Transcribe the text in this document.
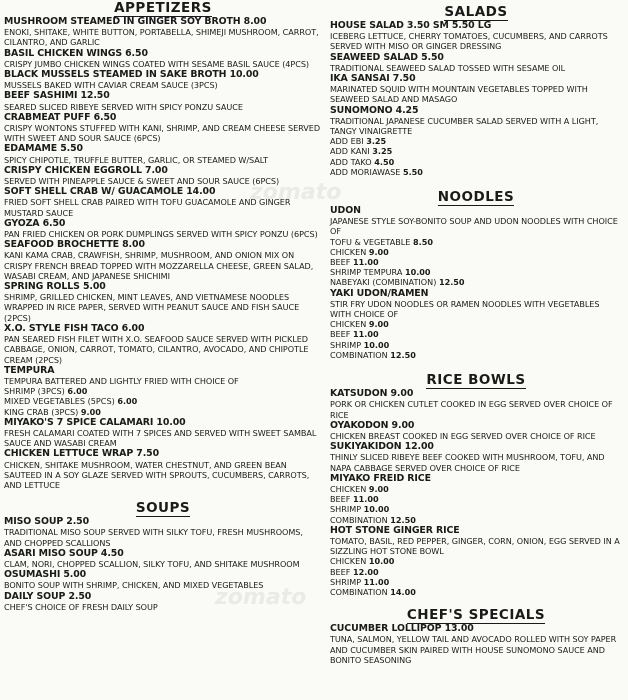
APPETIZERS
MUSHROOM STEAMED IN GINGER SOY BROTH 8.00
ENOKI, SHITAKE, WHITE BUTTON, PORTABELLA, SHIMEJI MUSHROOM, CARROT, CILANTRO, AND GARLIC
BASIL CHICKEN WINGS 6.50
CRISPY JUMBO CHICKEN WINGS COATED WITH SESAME BASIL SAUCE (4PCS)
BLACK MUSSELS STEAMED IN SAKE BROTH 10.00
MUSSELS BAKED WITH CAVIAR CREAM SAUCE (3PCS)
BEEF SASHIMI 12.50
SEARED SLICED RIBEYE SERVED WITH SPICY PONZU SAUCE
CRABMEAT PUFF 6.50
CRISPY WONTONS STUFFED WITH KANI, SHRIMP, AND CREAM CHEESE SERVED WITH SWEET AND SOUR SAUCE (6PCS)
EDAMAME 5.50
SPICY CHIPOTLE, TRUFFLE BUTTER, GARLIC, OR STEAMED W/SALT
CRISPY CHICKEN EGGROLL 7.00
SERVED WITH PINEAPPLE SAUCE & SWEET AND SOUR SAUCE (6PCS)
SOFT SHELL CRAB W/ GUACAMOLE 14.00
FRIED SOFT SHELL CRAB PAIRED WITH TOFU GUACAMOLE AND GINGER MUSTARD SAUCE
GYOZA 6.50
PAN FRIED CHICKEN OR PORK DUMPLINGS SERVED WITH SPICY PONZU (6PCS)
SEAFOOD BROCHETTE 8.00
KANI KAMA CRAB, CRAWFISH, SHRIMP, MUSHROOM, AND ONION MIX ON CRISPY FRENCH BREAD TOPPED WITH MOZZARELLA CHEESE, GREEN SALAD, WASABI CREAM, AND JAPANESE SHICHIMI
SPRING ROLLS 5.00
SHRIMP, GRILLED CHICKEN, MINT LEAVES, AND VIETNAMESE NOODLES WRAPPED IN RICE PAPER, SERVED WITH PEANUT SAUCE AND FISH SAUCE (2PCS)
X.O. STYLE FISH TACO 6.00
PAN SEARED FISH FILET WITH X.O. SEAFOOD SAUCE SERVED WITH PICKLED CABBAGE, ONION, CARROT, TOMATO, CILANTRO, AVOCADO, AND CHIPOTLE CREAM (2PCS)
TEMPURA
TEMPURA BATTERED AND LIGHTLY FRIED WITH CHOICE OF
SHRIMP (3PCS) 6.00
MIXED VEGETABLES (5PCS) 6.00
KING CRAB (3PCS) 9.00
MIYAKO'S 7 SPICE CALAMARI 10.00
FRESH CALAMARI COATED WITH 7 SPICES AND SERVED WITH SWEET SAMBAL SAUCE AND WASABI CREAM
CHICKEN LETTUCE WRAP 7.50
CHICKEN, SHITAKE MUSHROOM, WATER CHESTNUT, AND GREEN BEAN SAUTEED IN A SOY GLAZE SERVED WITH SPROUTS, CUCUMBERS, CARROTS, AND LETTUCE
SOUPS
MISO SOUP 2.50
TRADITIONAL MISO SOUP SERVED WITH SILKY TOFU, FRESH MUSHROOMS, AND CHOPPED SCALLIONS
ASARI MISO SOUP 4.50
CLAM, NORI, CHOPPED SCALLION, SILKY TOFU, AND SHITAKE MUSHROOM
OSUMASHI 5.00
BONITO SOUP WITH SHRIMP, CHICKEN, AND MIXED VEGETABLES
DAILY SOUP 2.50
CHEF'S CHOICE OF FRESH DAILY SOUP
SALADS
HOUSE SALAD 3.50 SM 5.50 LG
ICEBERG LETTUCE, CHERRY TOMATOES, CUCUMBERS, AND CARROTS SERVED WITH MISO OR GINGER DRESSING
SEAWEED SALAD 5.50
TRADITIONAL SEAWEED SALAD TOSSED WITH SESAME OIL
IKA SANSAI 7.50
MARINATED SQUID WITH MOUNTAIN VEGETABLES TOPPED WITH SEAWEED SALAD AND MASAGO
SUNOMONO 4.25
TRADITIONAL JAPANESE CUCUMBER SALAD SERVED WITH A LIGHT, TANGY VINAIGRETTE
ADD EBI 3.25
ADD KANI 3.25
ADD TAKO 4.50
ADD MORIAWASE 5.50
NOODLES
UDON
JAPANESE STYLE SOY-BONITO SOUP AND UDON NOODLES WITH CHOICE OF
TOFU & VEGETABLE 8.50
CHICKEN 9.00
BEEF 11.00
SHRIMP TEMPURA 10.00
NABEYAKI (COMBINATION) 12.50
YAKI UDON/RAMEN
STIR FRY UDON NOODLES OR RAMEN NOODLES WITH VEGETABLES WITH CHOICE OF
CHICKEN 9.00
BEEF 11.00
SHRIMP 10.00
COMBINATION 12.50
RICE BOWLS
KATSUDON 9.00
PORK OR CHICKEN CUTLET COOKED IN EGG SERVED OVER CHOICE OF RICE
OYAKODON 9.00
CHICKEN BREAST COOKED IN EGG SERVED OVER CHOICE OF RICE
SUKIYAKIDON 12.00
THINLY SLICED RIBEYE BEEF COOKED WITH MUSHROOM, TOFU, AND NAPA CABBAGE SERVED OVER CHOICE OF RICE
MIYAKO FREID RICE
CHICKEN 9.00
BEEF 11.00
SHRIMP 10.00
COMBINATION 12.50
HOT STONE GINGER RICE
TOMATO, BASIL, RED PEPPER, GINGER, CORN, ONION, EGG SERVED IN A SIZZLING HOT STONE BOWL
CHICKEN 10.00
BEEF 12.00
SHRIMP 11.00
COMBINATION 14.00
CHEF'S SPECIALS
CUCUMBER LOLLIPOP 13.00
TUNA, SALMON, YELLOW TAIL AND AVOCADO ROLLED WITH SOY PAPER AND CUCUMBER SKIN PAIRED WITH HOUSE SUNOMONO SAUCE AND BONITO SEASONING
zomato
zomato
